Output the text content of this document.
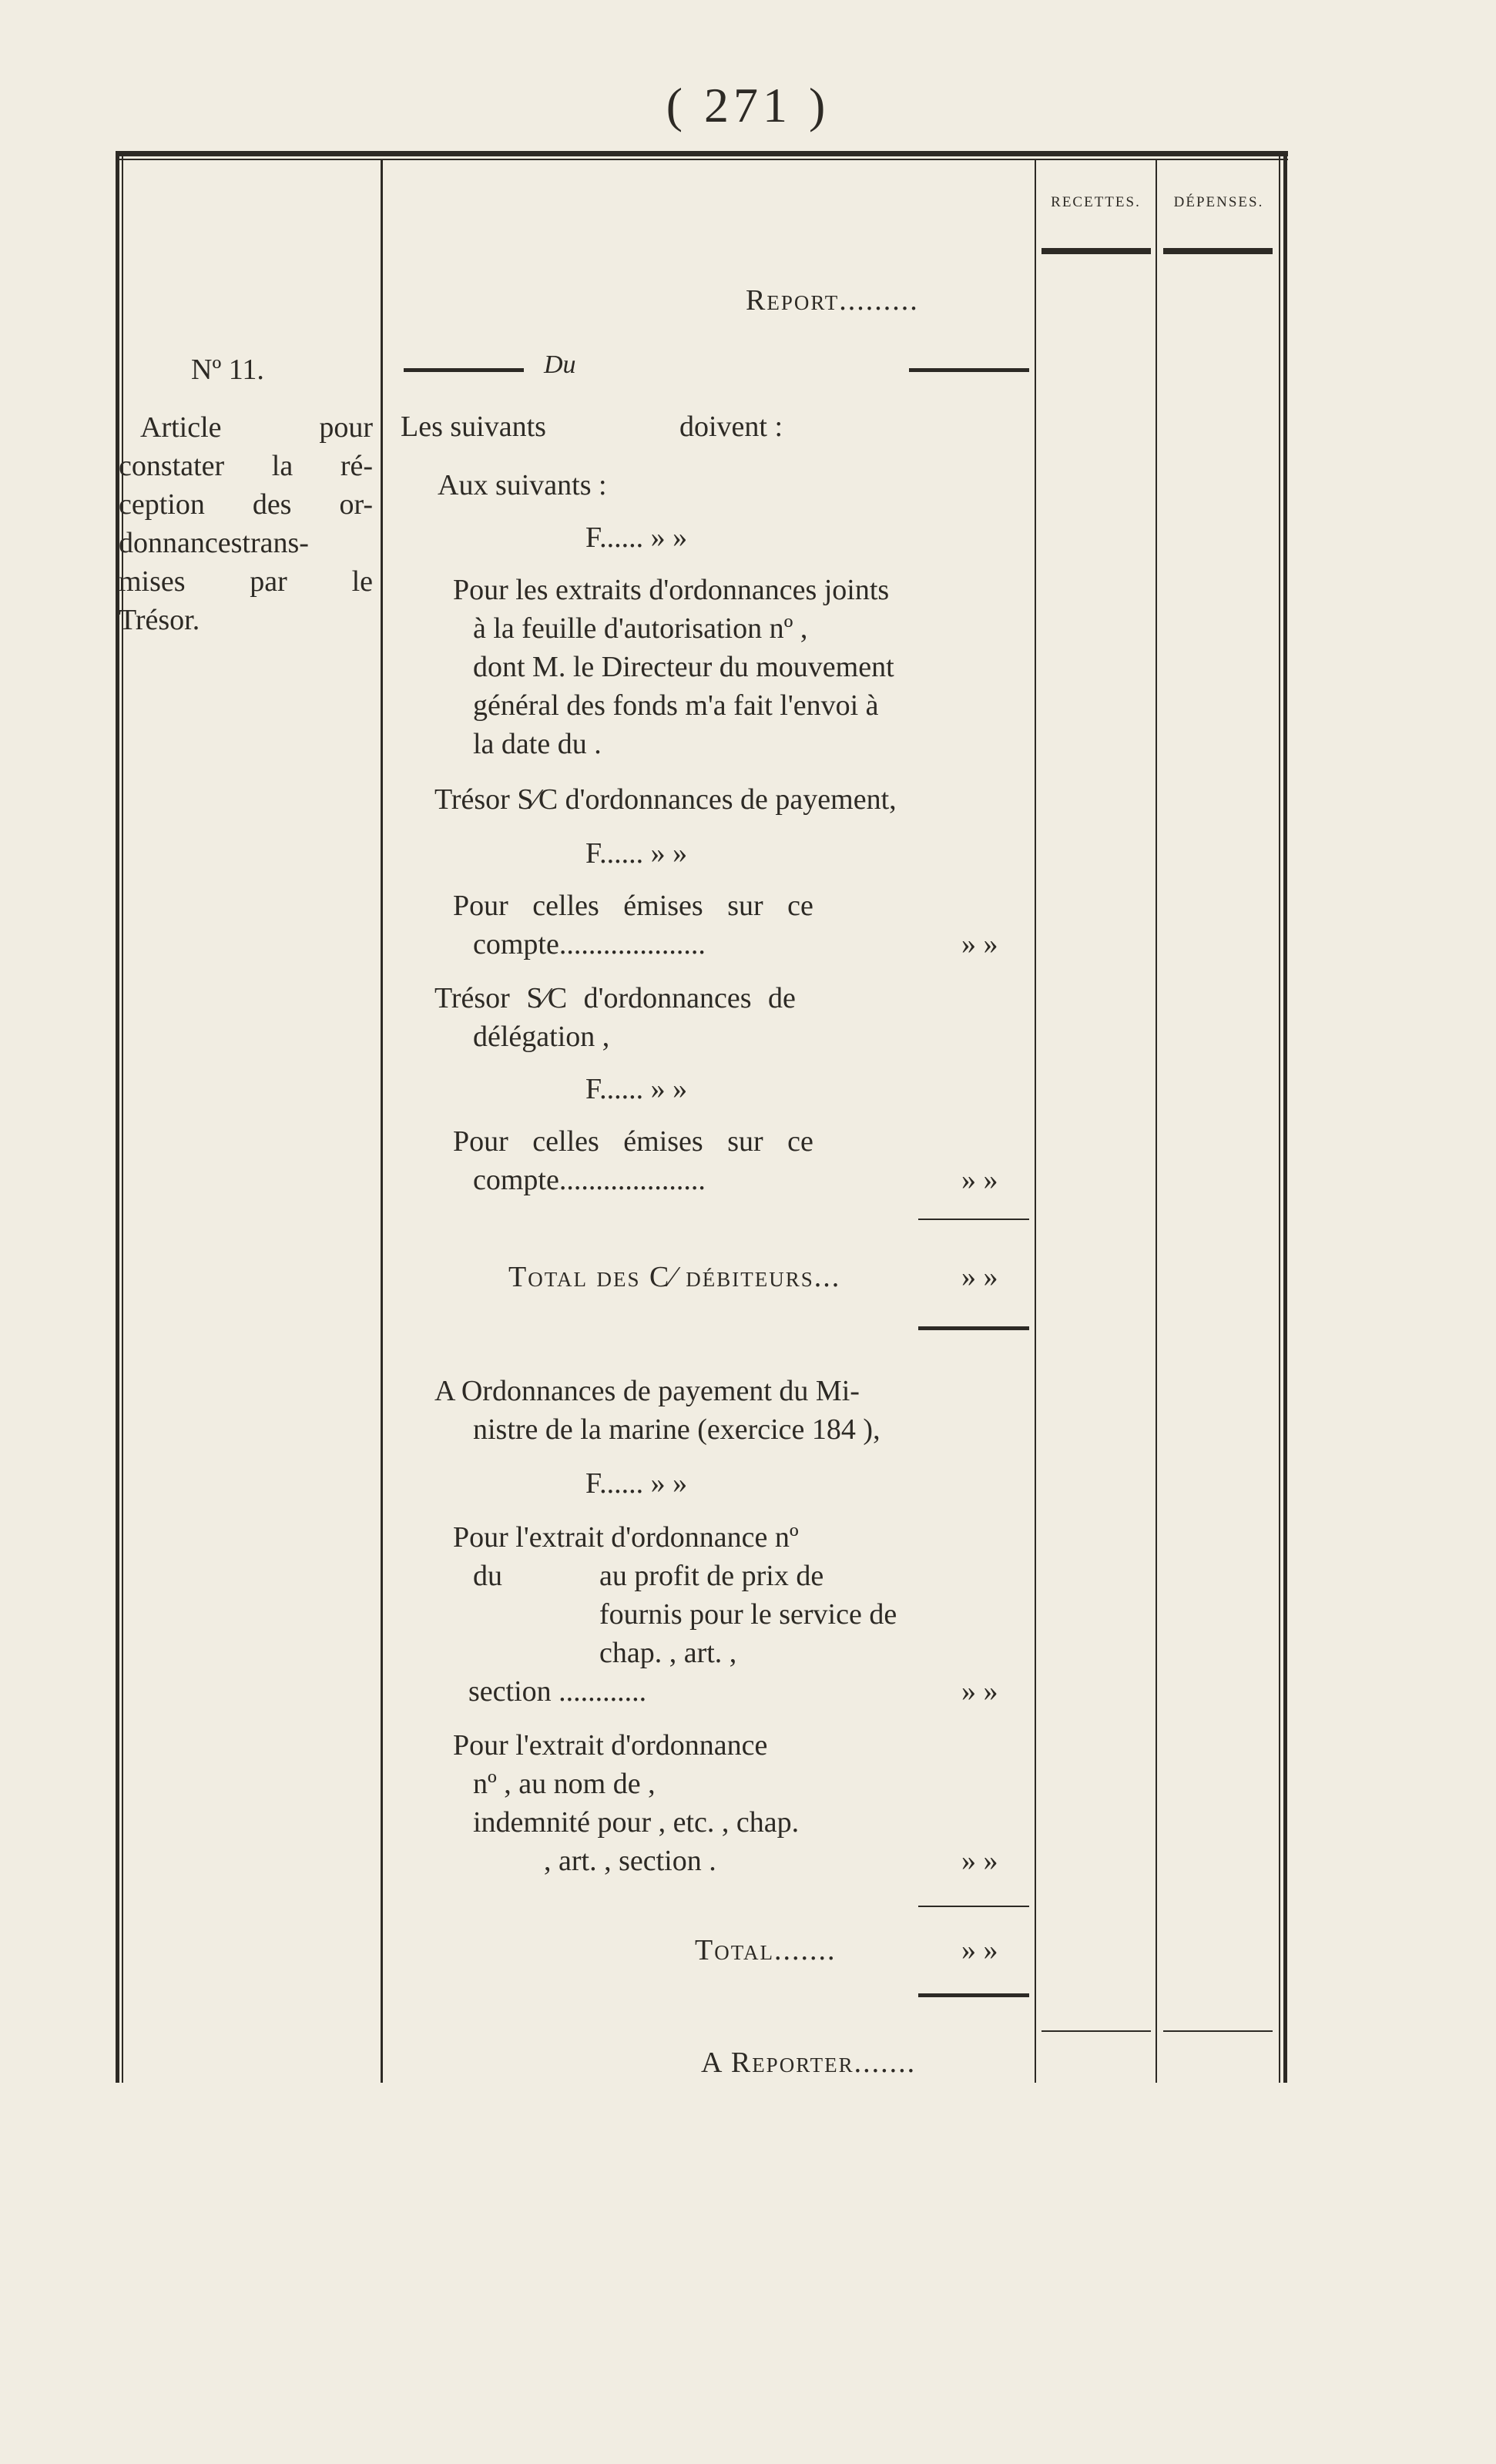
( 271 )
RECETTES.	DÉPENSES.
Nº 11.
Article pour
constater la ré-
ception des or-
donnancestrans-
mises par le
Trésor.
Report.........
Du
Les suivants	doivent :
Aux suivants :
F...... » »
Pour les extraits d'ordonnances joints
à la feuille d'autorisation nº ,
dont M. le Directeur du mouvement
général des fonds m'a fait l'envoi à
la date du .
Trésor S∕C d'ordonnances de payement,
F...... » »
Pour celles émises sur ce
compte....................	» »
Trésor S∕C d'ordonnances de
délégation ,
F...... » »
Pour celles émises sur ce
compte....................	» »
Total des C∕ débiteurs...	» »
A Ordonnances de payement du Mi-
nistre de la marine (exercice 184 ),
F...... » »
Pour l'extrait d'ordonnance nº
du	au profit de prix de
fournis pour le service de
chap. , art. ,
section ............	» »
Pour l'extrait d'ordonnance
nº , au nom de ,
indemnité pour , etc. , chap.
, art. , section .	» »
Total.......	» »
A Reporter.......
